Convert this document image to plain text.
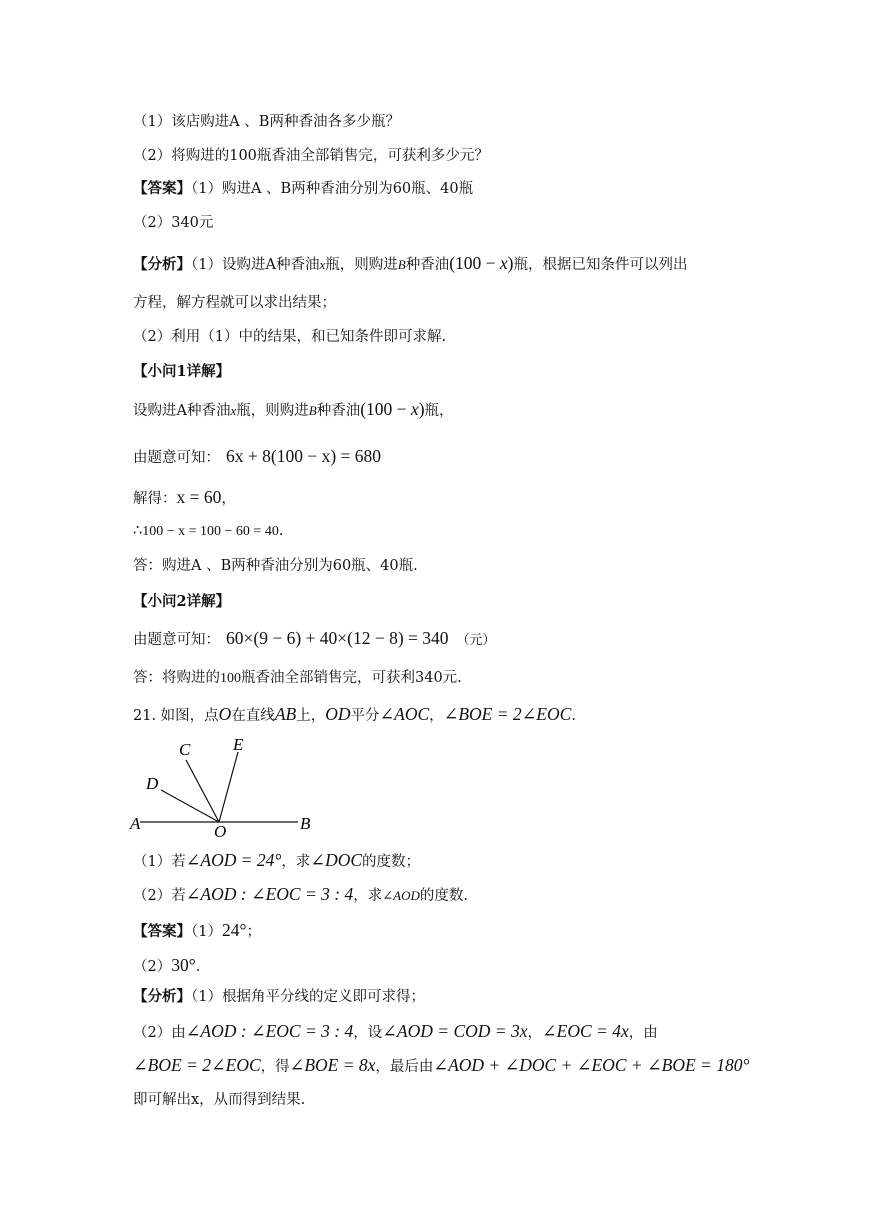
（1）该店购进A 、B两种香油各多少瓶？
（2）将购进的100瓶香油全部销售完，可获利多少元？
【答案】（1）购进A 、B两种香油分别为60瓶、40瓶
（2）340元
【分析】（1）设购进A种香油x瓶，则购进B种香油(100 − x)瓶，根据已知条件可以列出
方程，解方程就可以求出结果；
（2）利用（1）中的结果，和已知条件即可求解.
【小问1详解】
设购进A种香油x瓶，则购进B种香油(100 − x)瓶，
由题意可知： 6x + 8(100 − x) = 680
解得：x = 60，
∴100 − x = 100 − 60 = 40.
答：购进A 、B两种香油分别为60瓶、40瓶.
【小问2详解】
由题意可知： 60×(9 − 6) + 40×(12 − 8) = 340 （元）
答：将购进的100瓶香油全部销售完，可获利340元.
21. 如图，点O在直线AB上，OD平分∠AOC，∠BOE = 2∠EOC.
A	B
O
C
D
E
（1）若∠AOD = 24°，求∠DOC的度数；
（2）若∠AOD : ∠EOC = 3 : 4，求∠AOD的度数.
【答案】（1）24°；
（2）30°.
【分析】（1）根据角平分线的定义即可求得；
（2）由∠AOD : ∠EOC = 3 : 4，设∠AOD = COD = 3x，∠EOC = 4x，由
∠BOE = 2∠EOC，得∠BOE = 8x，最后由∠AOD + ∠DOC + ∠EOC + ∠BOE = 180°
即可解出x，从而得到结果.
